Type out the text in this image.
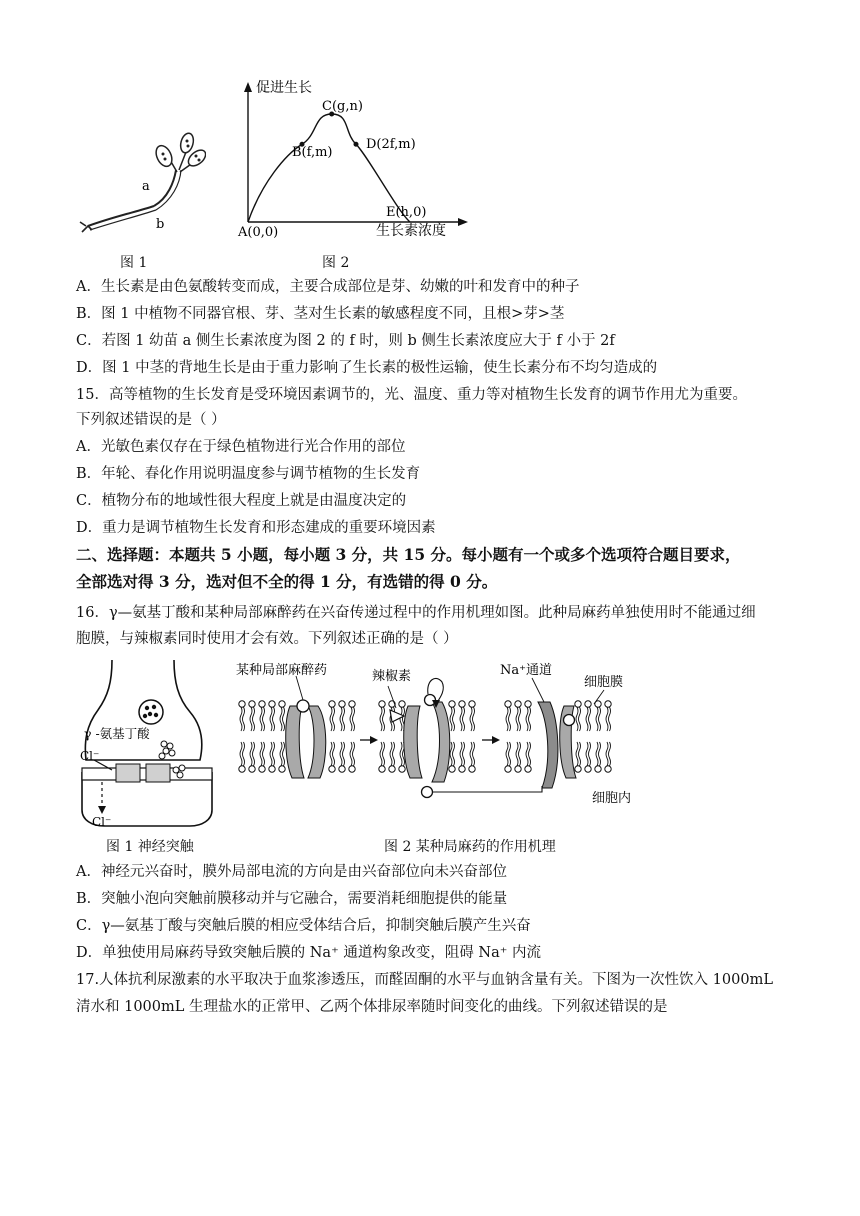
a
b
促进生长
生长素浓度
A(0,0)
B(f,m)
C(g,n)
D(2f,m)
E(h,0)
图 1	图 2
A．生长素是由色氨酸转变而成，主要合成部位是芽、幼嫩的叶和发育中的种子
B．图 1 中植物不同器官根、芽、茎对生长素的敏感程度不同，且根>芽>茎
C．若图 1 幼苗 a 侧生长素浓度为图 2 的 f 时，则 b 侧生长素浓度应大于 f 小于 2f
D．图 1 中茎的背地生长是由于重力影响了生长素的极性运输，使生长素分布不均匀造成的
15．高等植物的生长发育是受环境因素调节的，光、温度、重力等对植物生长发育的调节作用尤为重要。
下列叙述错误的是（ ）
A．光敏色素仅存在于绿色植物进行光合作用的部位
B．年轮、春化作用说明温度参与调节植物的生长发育
C．植物分布的地域性很大程度上就是由温度决定的
D．重力是调节植物生长发育和形态建成的重要环境因素
二、选择题：本题共 5 小题，每小题 3 分，共 15 分。每小题有一个或多个选项符合题目要求，
全部选对得 3 分，选对但不全的得 1 分，有选错的得 0 分。
16．γ—氨基丁酸和某种局部麻醉药在兴奋传递过程中的作用机理如图。此种局麻药单独使用时不能通过细
胞膜，与辣椒素同时使用才会有效。下列叙述正确的是（ ）
γ -氨基丁酸
Cl⁻
Cl⁻
某种局部麻醉药	辣椒素	Na⁺通道
细胞膜
细胞内
图 1 神经突触	图 2 某种局麻药的作用机理
A．神经元兴奋时，膜外局部电流的方向是由兴奋部位向未兴奋部位
B．突触小泡向突触前膜移动并与它融合，需要消耗细胞提供的能量
C．γ—氨基丁酸与突触后膜的相应受体结合后，抑制突触后膜产生兴奋
D．单独使用局麻药导致突触后膜的 Na⁺ 通道构象改变，阻碍 Na⁺ 内流
17.人体抗利尿激素的水平取决于血浆渗透压，而醛固酮的水平与血钠含量有关。下图为一次性饮入 1000mL
清水和 1000mL 生理盐水的正常甲、乙两个体排尿率随时间变化的曲线。下列叙述错误的是
